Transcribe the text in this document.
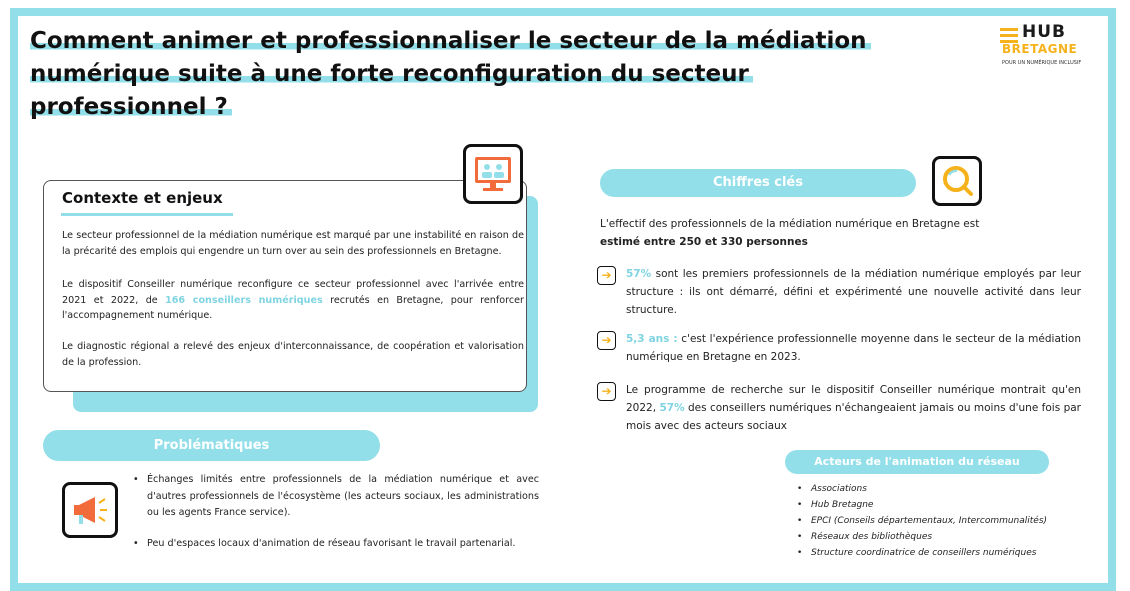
Comment animer et professionnaliser le secteur de la médiation numérique suite à une forte reconfiguration du secteur professionnel ?
HUB
BRETAGNE
POUR UN NUMÉRIQUE INCLUSIF
Contexte et enjeux

Le secteur professionnel de la médiation numérique est marqué par une instabilité en raison de la précarité des emplois qui engendre un turn over au sein des professionnels en Bretagne.

Le dispositif Conseiller numérique reconfigure ce secteur professionnel avec l'arrivée entre 2021 et 2022, de 166 conseillers numériques recrutés en Bretagne, pour renforcer l'accompagnement numérique.

Le diagnostic régional a relevé des enjeux d'interconnaissance, de coopération et valorisation de la profession.

Problématiques
• Échanges limités entre professionnels de la médiation numérique et avec d'autres professionnels de l'écosystème (les acteurs sociaux, les administrations ou les agents France service).
• Peu d'espaces locaux d'animation de réseau favorisant le travail partenarial.
Chiffres clés

L'effectif des professionnels de la médiation numérique en Bretagne est
estimé entre 250 et 330 personnes

➔	57% sont les premiers professionnels de la médiation numérique employés par leur structure : ils ont démarré, défini et expérimenté une nouvelle activité dans leur structure.

➔	5,3 ans : c'est l'expérience professionnelle moyenne dans le secteur de la médiation numérique en Bretagne en 2023.

➔	Le programme de recherche sur le dispositif Conseiller numérique montrait qu'en 2022, 57% des conseillers numériques n'échangeaient jamais ou moins d'une fois par mois avec des acteurs sociaux

Acteurs de l'animation du réseau
• Associations
• Hub Bretagne
• EPCI (Conseils départementaux, Intercommunalités)
• Réseaux des bibliothèques
• Structure coordinatrice de conseillers numériques
